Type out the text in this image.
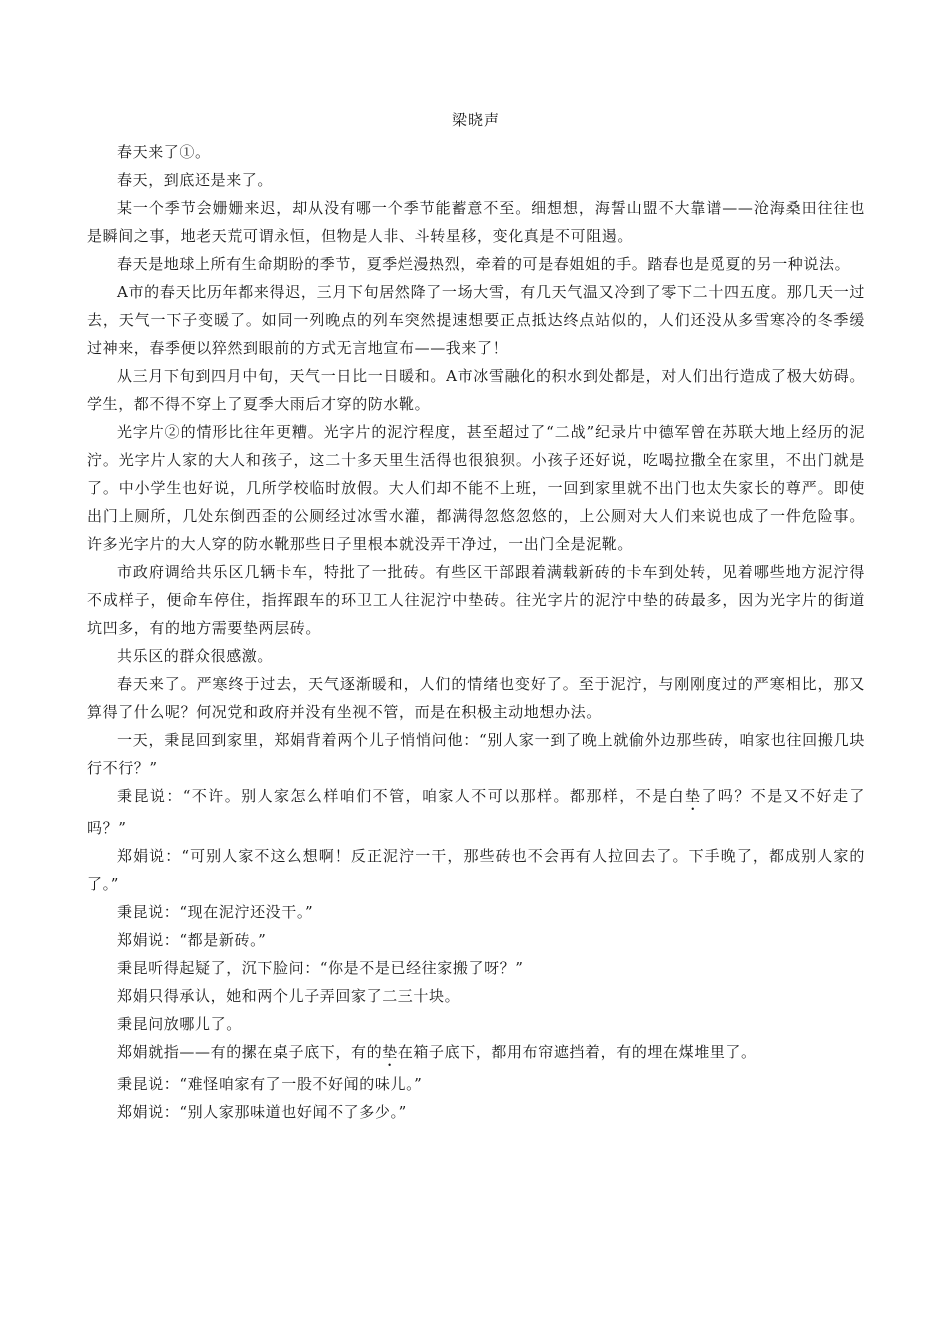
梁晓声

春天来了①。

春天，到底还是来了。

某一个季节会姗姗来迟，却从没有哪一个季节能蓄意不至。细想想，海誓山盟不大靠谱——沧海桑田往往也是瞬间之事，地老天荒可谓永恒，但物是人非、斗转星移，变化真是不可阻遏。

春天是地球上所有生命期盼的季节，夏季烂漫热烈，牵着的可是春姐姐的手。踏春也是觅夏的另一种说法。

A市的春天比历年都来得迟，三月下旬居然降了一场大雪，有几天气温又冷到了零下二十四五度。那几天一过去，天气一下子变暖了。如同一列晚点的列车突然提速想要正点抵达终点站似的，人们还没从多雪寒冷的冬季缓过神来，春季便以猝然到眼前的方式无言地宣布——我来了！

从三月下旬到四月中旬，天气一日比一日暖和。A市冰雪融化的积水到处都是，对人们出行造成了极大妨碍。学生，都不得不穿上了夏季大雨后才穿的防水靴。

光字片②的情形比往年更糟。光字片的泥泞程度，甚至超过了“二战”纪录片中德军曾在苏联大地上经历的泥泞。光字片人家的大人和孩子，这二十多天里生活得也很狼狈。小孩子还好说，吃喝拉撒全在家里，不出门就是了。中小学生也好说，几所学校临时放假。大人们却不能不上班，一回到家里就不出门也太失家长的尊严。即使出门上厕所，几处东倒西歪的公厕经过冰雪水灌，都满得忽悠忽悠的，上公厕对大人们来说也成了一件危险事。许多光字片的大人穿的防水靴那些日子里根本就没弄干净过，一出门全是泥靴。

市政府调给共乐区几辆卡车，特批了一批砖。有些区干部跟着满载新砖的卡车到处转，见着哪些地方泥泞得不成样子，便命车停住，指挥跟车的环卫工人往泥泞中垫砖。往光字片的泥泞中垫的砖最多，因为光字片的街道坑凹多，有的地方需要垫两层砖。

共乐区的群众很感激。

春天来了。严寒终于过去，天气逐渐暖和，人们的情绪也变好了。至于泥泞，与刚刚度过的严寒相比，那又算得了什么呢？何况党和政府并没有坐视不管，而是在积极主动地想办法。

一天，秉昆回到家里，郑娟背着两个儿子悄悄问他：“别人家一到了晚上就偷外边那些砖，咱家也往回搬几块行不行？”

秉昆说：“不许。别人家怎么样咱们不管，咱家人不可以那样。都那样，不是白垫了吗？不是又不好走了吗？”

郑娟说：“可别人家不这么想啊！反正泥泞一干，那些砖也不会再有人拉回去了。下手晚了，都成别人家的了。”

秉昆说：“现在泥泞还没干。”

郑娟说：“都是新砖。”

秉昆听得起疑了，沉下脸问：“你是不是已经往家搬了呀？”

郑娟只得承认，她和两个儿子弄回家了二三十块。

秉昆问放哪儿了。

郑娟就指——有的摞在桌子底下，有的垫在箱子底下，都用布帘遮挡着，有的埋在煤堆里了。

秉昆说：“难怪咱家有了一股不好闻的味儿。”

郑娟说：“别人家那味道也好闻不了多少。”
